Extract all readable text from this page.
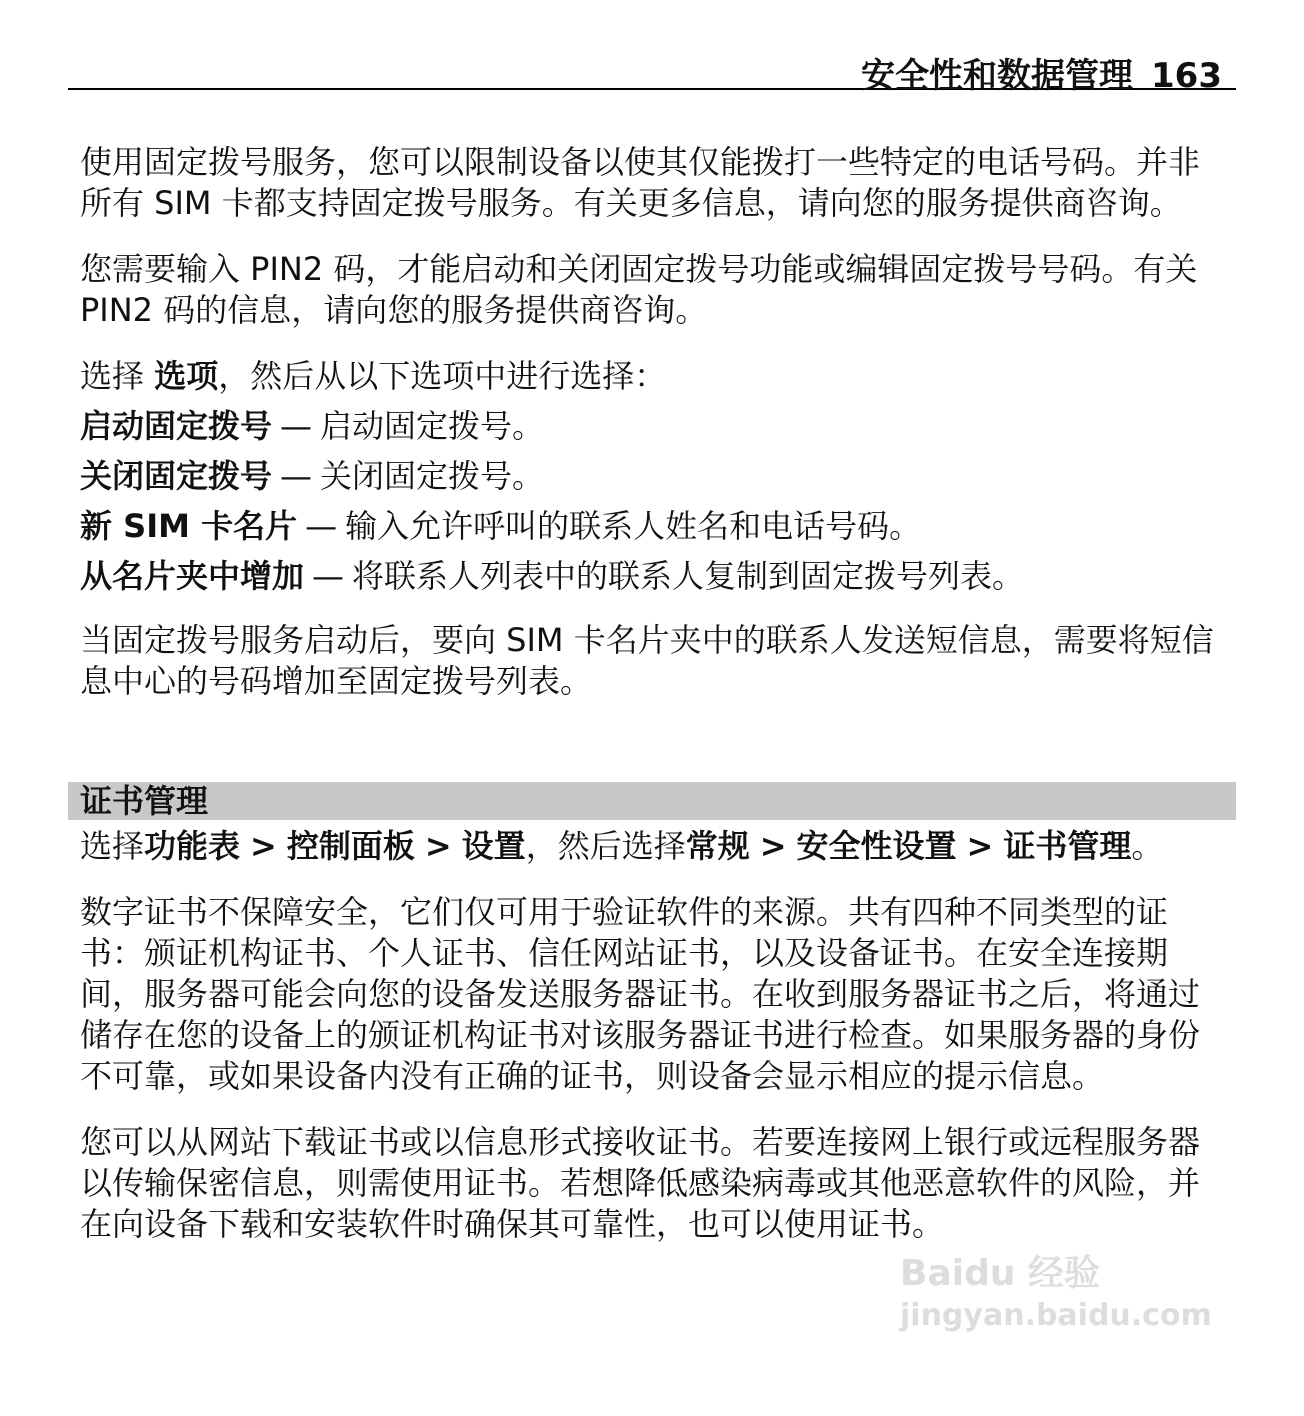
安全性和数据管理 163

使用固定拨号服务，您可以限制设备以使其仅能拨打一些特定的电话号码。并非所有 SIM 卡都支持固定拨号服务。有关更多信息，请向您的服务提供商咨询。

您需要输入 PIN2 码，才能启动和关闭固定拨号功能或编辑固定拨号号码。有关 PIN2 码的信息，请向您的服务提供商咨询。

选择 选项，然后从以下选项中进行选择：

启动固定拨号 — 启动固定拨号。

关闭固定拨号 — 关闭固定拨号。

新 SIM 卡名片 — 输入允许呼叫的联系人姓名和电话号码。

从名片夹中增加 — 将联系人列表中的联系人复制到固定拨号列表。

当固定拨号服务启动后，要向 SIM 卡名片夹中的联系人发送短信息，需要将短信息中心的号码增加至固定拨号列表。

证书管理

选择功能表 > 控制面板 > 设置，然后选择常规 > 安全性设置 > 证书管理。

数字证书不保障安全，它们仅可用于验证软件的来源。共有四种不同类型的证书：颁证机构证书、个人证书、信任网站证书，以及设备证书。在安全连接期间，服务器可能会向您的设备发送服务器证书。在收到服务器证书之后，将通过储存在您的设备上的颁证机构证书对该服务器证书进行检查。如果服务器的身份不可靠，或如果设备内没有正确的证书，则设备会显示相应的提示信息。

您可以从网站下载证书或以信息形式接收证书。若要连接网上银行或远程服务器以传输保密信息，则需使用证书。若想降低感染病毒或其他恶意软件的风险，并在向设备下载和安装软件时确保其可靠性，也可以使用证书。

Baidu 经验
jingyan.baidu.com
